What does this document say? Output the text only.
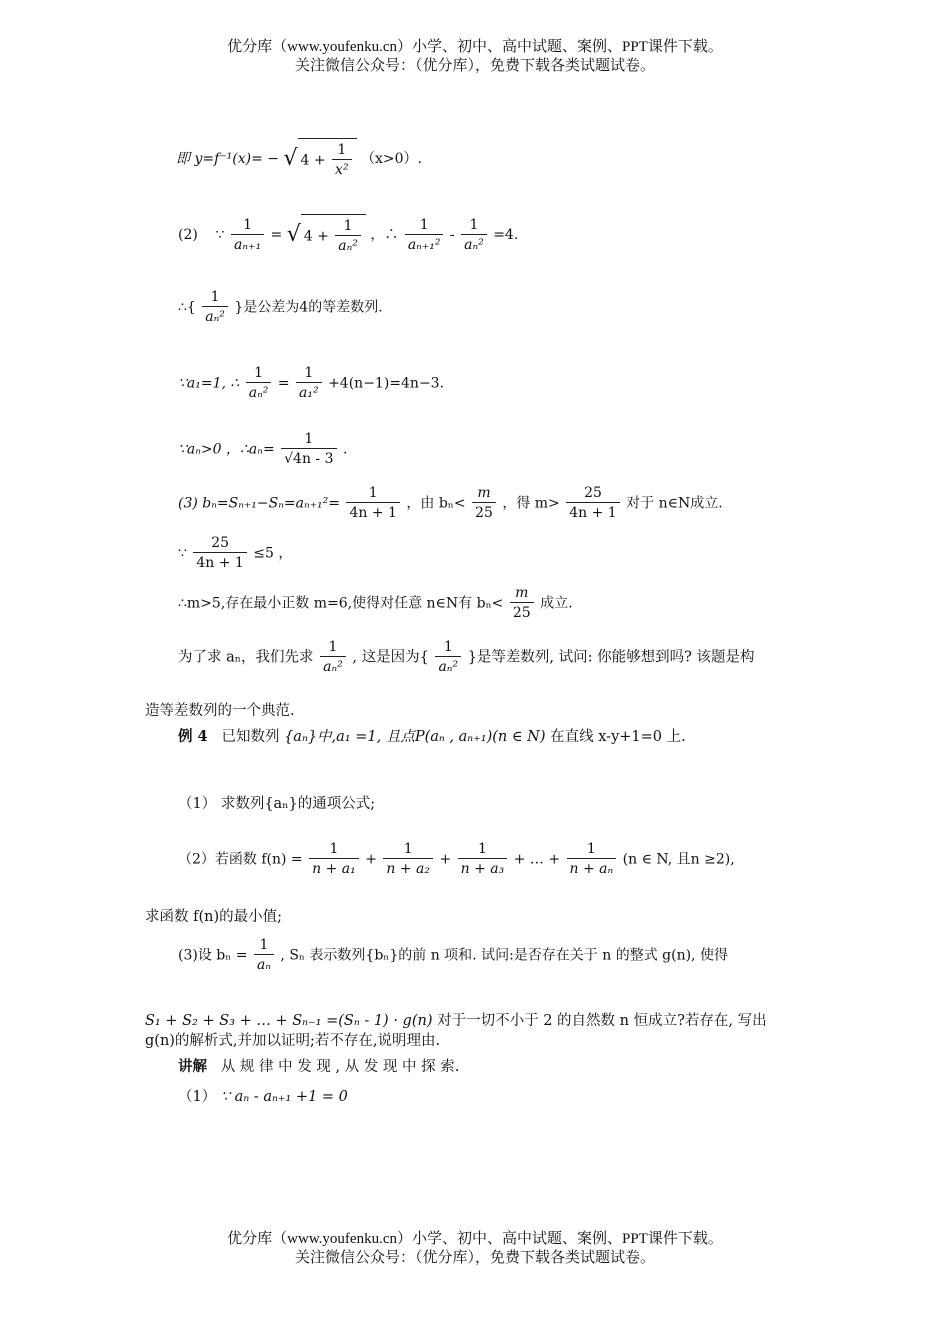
优分库（www.youfenku.cn）小学、初中、高中试题、案例、PPT课件下载。
关注微信公众号：（优分库），免费下载各类试题试卷。
即 y=f⁻¹(x)= − √ $4 + \frac{1}{\text{x²}} (x>0)$.
(2) ∵ $\frac{1}{\text{aₙ₊₁}}$ = √ $4 + \frac{1}{\text{aₙ²}}$ ，∴ $\frac{1}{\text{aₙ₊₁²}} - \frac{1}{\text{aₙ²}} =4$.
∴{ $\frac{1}{\text{aₙ²}}$ }是公差为4的等差数列.
∵a₁=1, ∴ $\frac{1}{\text{aₙ²}} = \frac{1}{\text{a₁²}} +4(n-1)=4n-3$.
∵aₙ>0 ，∴aₙ= $\frac{1}{√4n - 3}$ .
(3) $b_n=S_{n+1}-S_n=a_{n+1}^2= \frac{1}{4n + 1}$ ，由 $b_n< \frac{m}{25}$ ，得 $m> \frac{25}{4n + 1}$ 对于 n∈N成立.
∵ $\frac{25}{4n + 1} \le 5$ ，
∴m>5,存在最小正数 m=6,使得对任意 n∈N有 $b_n< \frac{m}{25}$ 成立.
为了求 aₙ，我们先求 $\frac{1}{\text{aₙ²}}$ , 这是因为{ $\frac{1}{\text{aₙ²}}$ }是等差数列, 试问: 你能够想到吗? 该题是构
造等差数列的一个典范.
例 4 已知数列 {aₙ}中,a₁ =1, 且点P(aₙ , aₙ₊₁)(n ∈ N) 在直线 x-y+1=0 上.
（1） 求数列{aₙ}的通项公式;
（2）若函数 $f(n) = \frac{1}{\text{n + a₁}} + \frac{1}{\text{n + a₂}} + \frac{1}{\text{n + a₃}}$ + … + $\frac{1}{\text{n + aₙ}} (n$ ∈ N, 且n ≥2),
求函数 f(n)的最小值;
(3)设 $b_n = \frac{1}{\text{aₙ}}$ , Sₙ 表示数列{bₙ}的前 n 项和. 试问:是否存在关于 n 的整式 g(n), 使得
S₁ + S₂ + S₃ + … + Sₙ₋₁ =(Sₙ - 1) · g(n) 对于一切不小于 2 的自然数 n 恒成立?若存在, 写出
g(n)的解析式,并加以证明;若不存在,说明理由.
讲解 从 规 律 中 发 现 , 从 发 现 中 探 索.
（1） ∵ aₙ - aₙ₊₁ +1 = 0
优分库（www.youfenku.cn）小学、初中、高中试题、案例、PPT课件下载。
关注微信公众号：（优分库），免费下载各类试题试卷。
